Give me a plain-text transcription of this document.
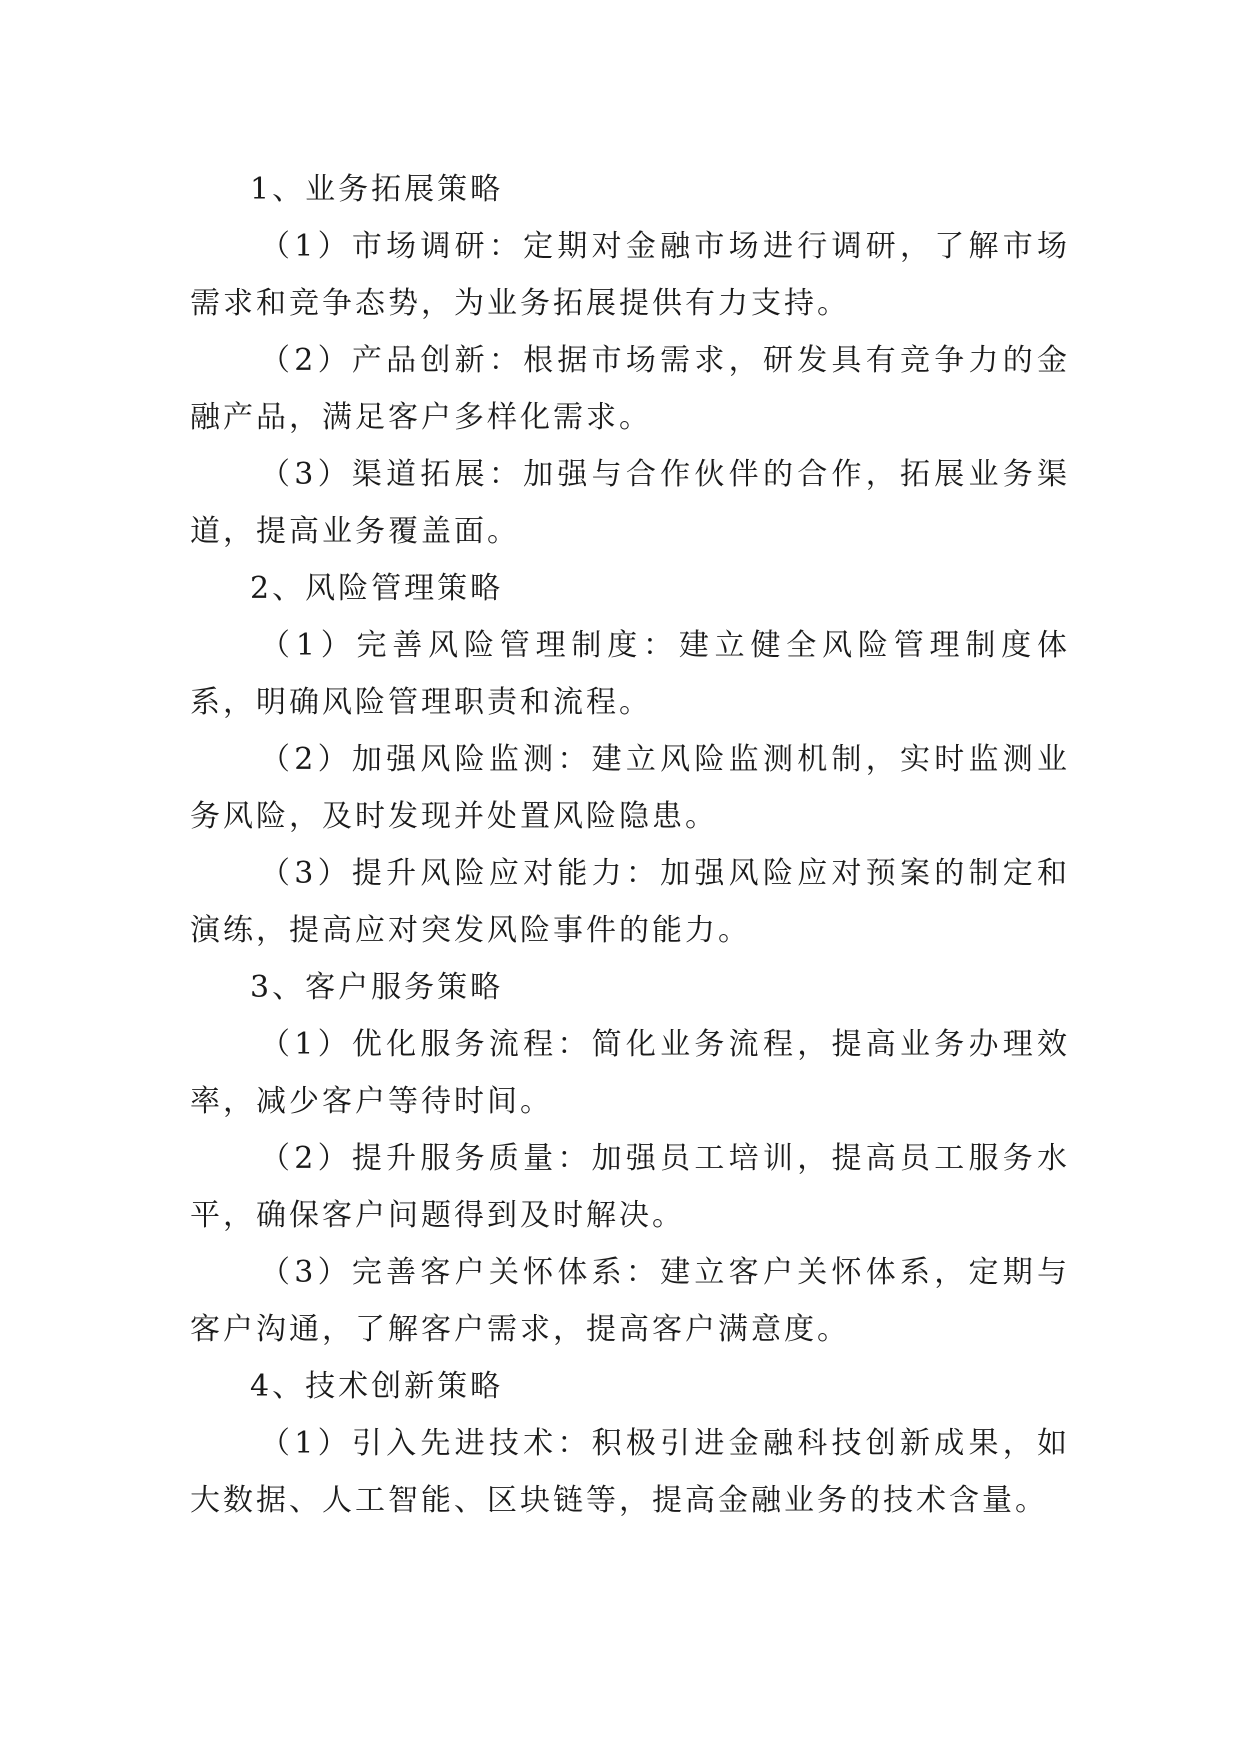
1、业务拓展策略

（1）市场调研：定期对金融市场进行调研，了解市场需求和竞争态势，为业务拓展提供有力支持。

（2）产品创新：根据市场需求，研发具有竞争力的金融产品，满足客户多样化需求。

（3）渠道拓展：加强与合作伙伴的合作，拓展业务渠道，提高业务覆盖面。

2、风险管理策略

（1）完善风险管理制度：建立健全风险管理制度体系，明确风险管理职责和流程。

（2）加强风险监测：建立风险监测机制，实时监测业务风险，及时发现并处置风险隐患。

（3）提升风险应对能力：加强风险应对预案的制定和演练，提高应对突发风险事件的能力。

3、客户服务策略

（1）优化服务流程：简化业务流程，提高业务办理效率，减少客户等待时间。

（2）提升服务质量：加强员工培训，提高员工服务水平，确保客户问题得到及时解决。

（3）完善客户关怀体系：建立客户关怀体系，定期与客户沟通，了解客户需求，提高客户满意度。

4、技术创新策略

（1）引入先进技术：积极引进金融科技创新成果，如大数据、人工智能、区块链等，提高金融业务的技术含量。
